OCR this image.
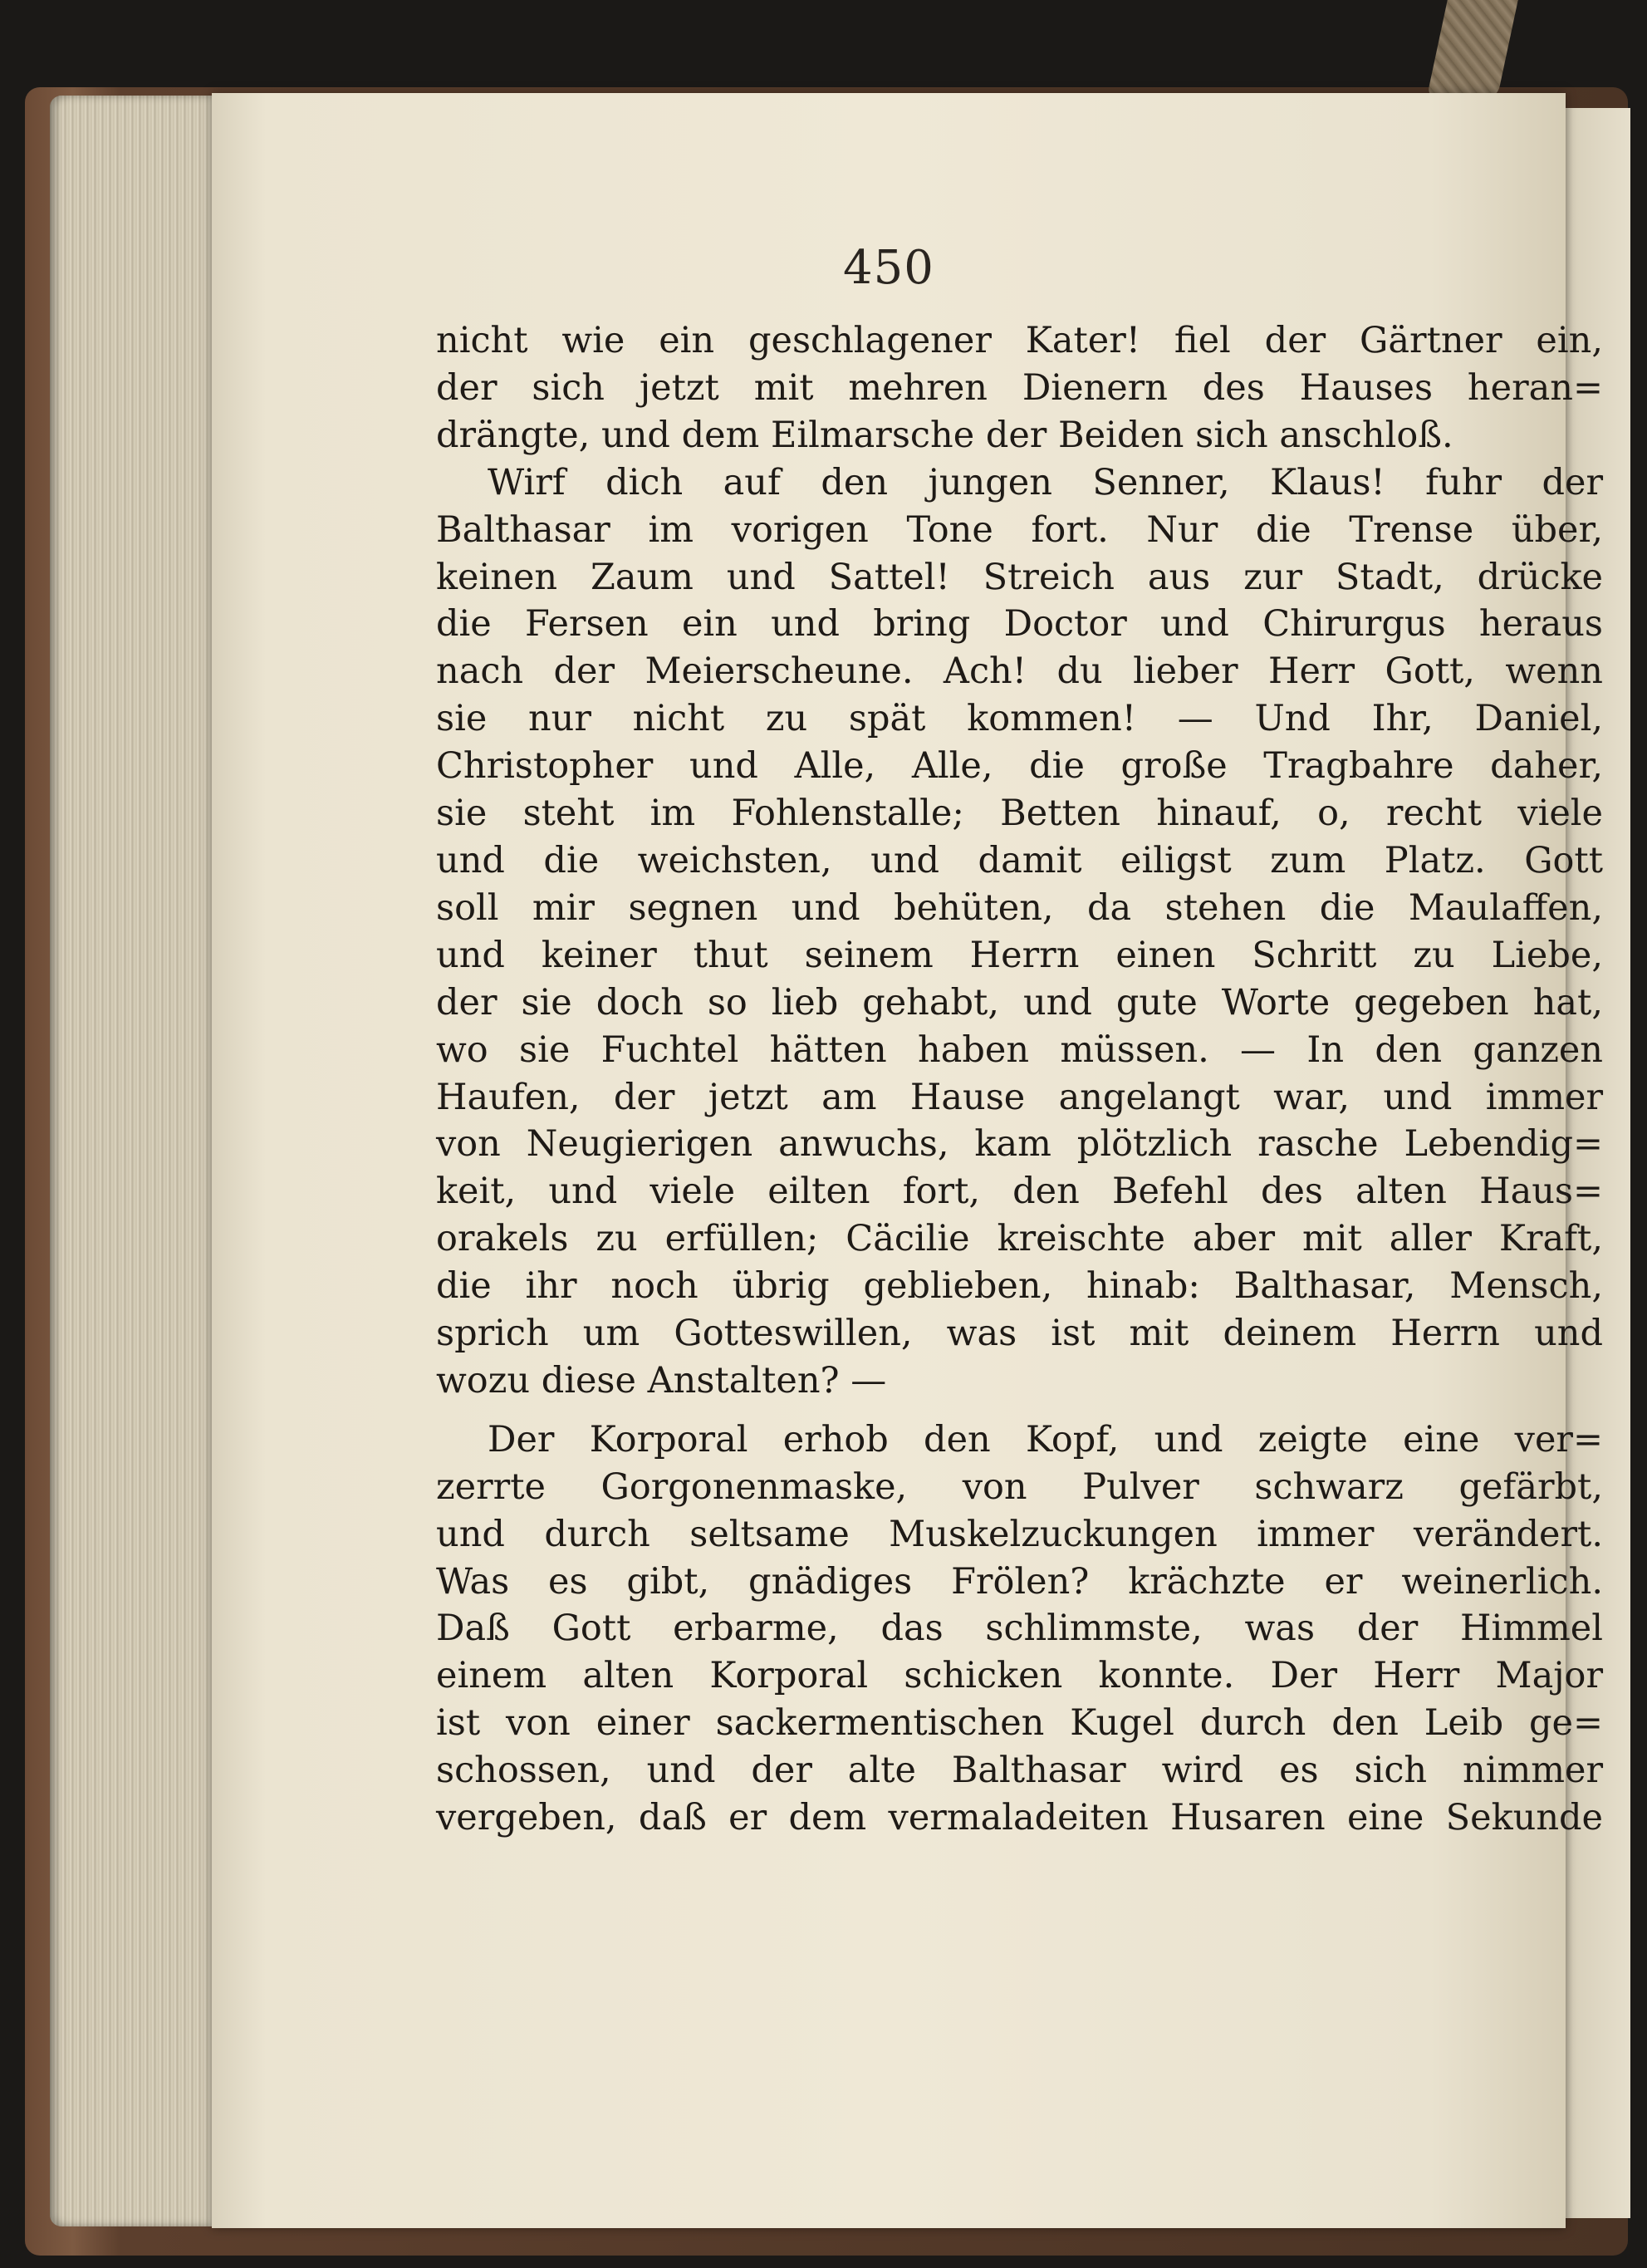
450
nicht wie ein geschlagener Kater! fiel der Gärtner ein,
der sich jetzt mit mehren Dienern des Hauses heran=
drängte, und dem Eilmarsche der Beiden sich anschloß.
Wirf dich auf den jungen Senner, Klaus! fuhr der
Balthasar im vorigen Tone fort. Nur die Trense über,
keinen Zaum und Sattel! Streich aus zur Stadt, drücke
die Fersen ein und bring Doctor und Chirurgus heraus
nach der Meierscheune. Ach! du lieber Herr Gott, wenn
sie nur nicht zu spät kommen! — Und Ihr, Daniel,
Christopher und Alle, Alle, die große Tragbahre daher,
sie steht im Fohlenstalle; Betten hinauf, o, recht viele
und die weichsten, und damit eiligst zum Platz. Gott
soll mir segnen und behüten, da stehen die Maulaffen,
und keiner thut seinem Herrn einen Schritt zu Liebe,
der sie doch so lieb gehabt, und gute Worte gegeben hat,
wo sie Fuchtel hätten haben müssen. — In den ganzen
Haufen, der jetzt am Hause angelangt war, und immer
von Neugierigen anwuchs, kam plötzlich rasche Lebendig=
keit, und viele eilten fort, den Befehl des alten Haus=
orakels zu erfüllen; Cäcilie kreischte aber mit aller Kraft,
die ihr noch übrig geblieben, hinab: Balthasar, Mensch,
sprich um Gotteswillen, was ist mit deinem Herrn und
wozu diese Anstalten? —
Der Korporal erhob den Kopf, und zeigte eine ver=
zerrte Gorgonenmaske, von Pulver schwarz gefärbt,
und durch seltsame Muskelzuckungen immer verändert.
Was es gibt, gnädiges Frölen? krächzte er weinerlich.
Daß Gott erbarme, das schlimmste, was der Himmel
einem alten Korporal schicken konnte. Der Herr Major
ist von einer sackermentischen Kugel durch den Leib ge=
schossen, und der alte Balthasar wird es sich nimmer
vergeben, daß er dem vermaladeiten Husaren eine Sekunde
